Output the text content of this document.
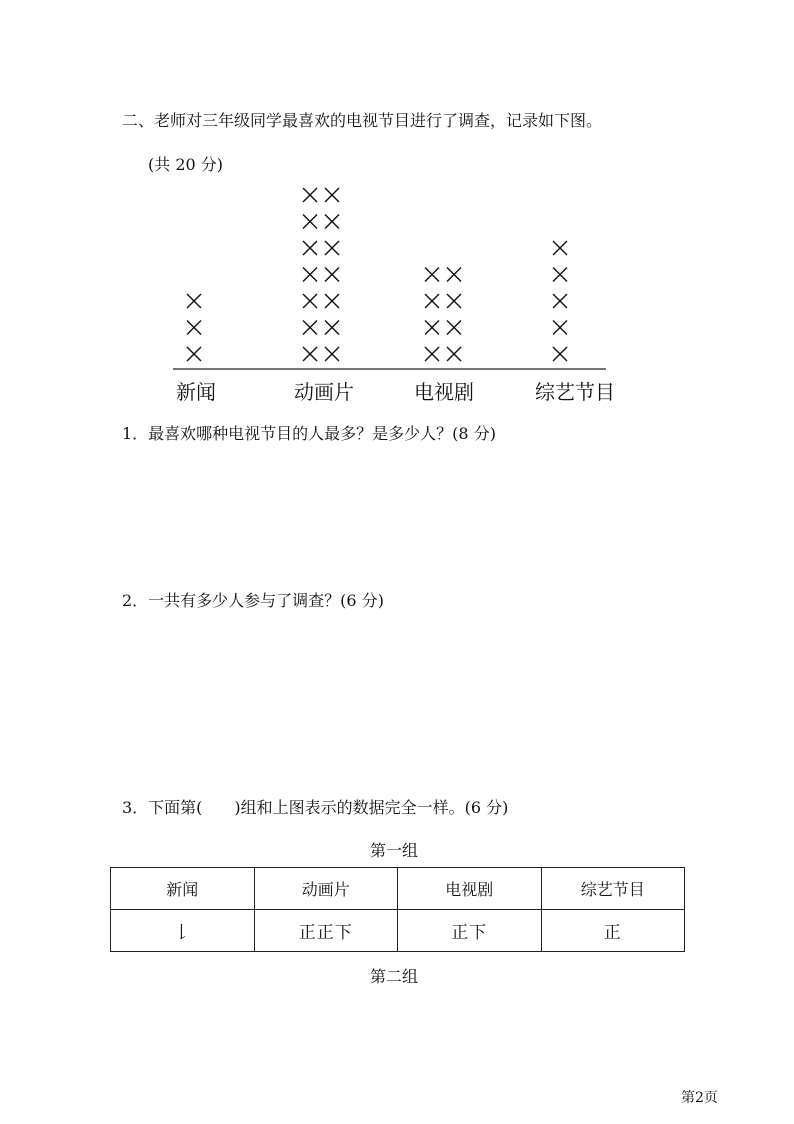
二、老师对三年级同学最喜欢的电视节目进行了调查，记录如下图。
(共 20 分)
新闻	动画片	电视剧	综艺节目
1．最喜欢哪种电视节目的人最多？是多少人？(8 分)
2．一共有多少人参与了调查？(6 分)
3．下面第(　　)组和上图表示的数据完全一样。(6 分)
第一组
新闻	动画片	电视剧	综艺节目
𠄌	正正下	正下	正
第二组
第2页
